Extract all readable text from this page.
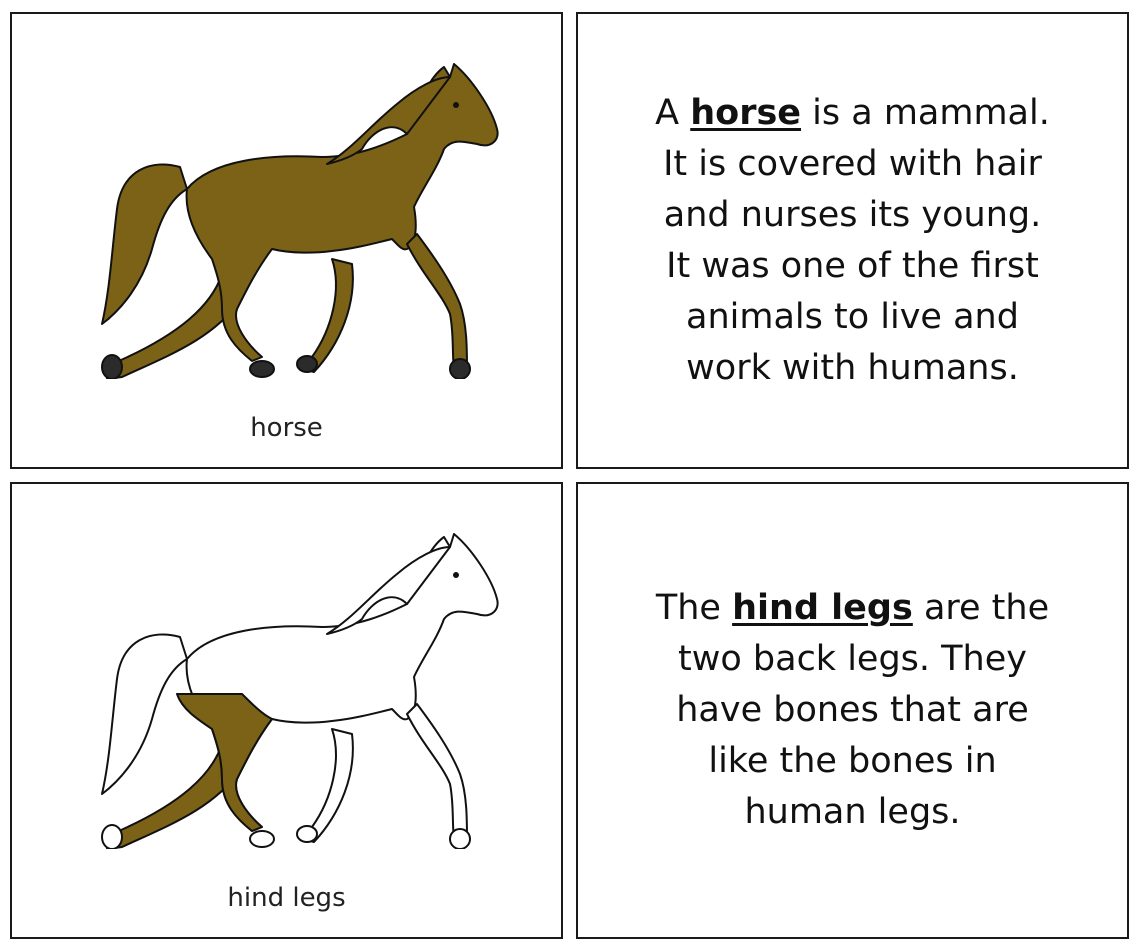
horse
A horse is a mammal.
It is covered with hair
and nurses its young.
It was one of the first
animals to live and
work with humans.
hind legs
The hind legs are the
two back legs. They
have bones that are
like the bones in
human legs.
